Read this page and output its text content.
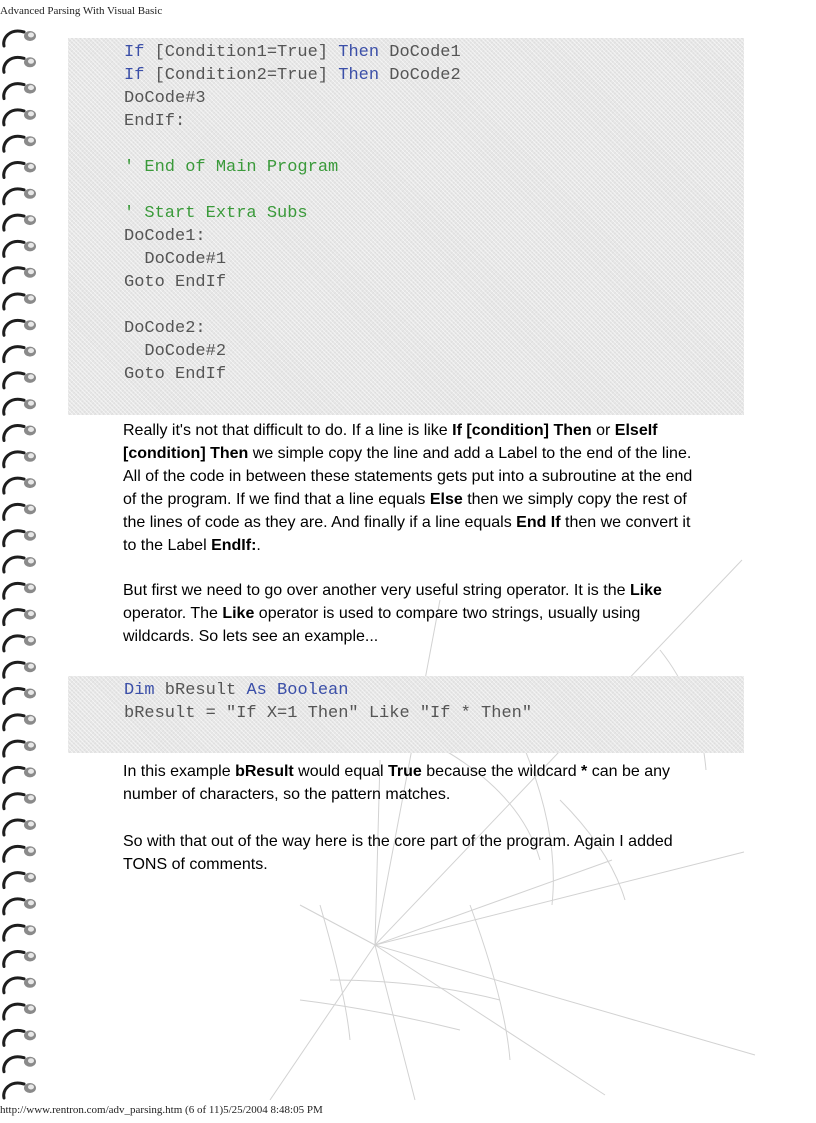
Advanced Parsing With Visual Basic
If [Condition1=True] Then DoCode1
If [Condition2=True] Then DoCode2
DoCode#3
EndIf:

' End of Main Program

' Start Extra Subs
DoCode1:
DoCode#1
Goto EndIf

DoCode2:
DoCode#2
Goto EndIf
Really it's not that difficult to do. If a line is like If [condition] Then or ElseIf [condition] Then we simple copy the line and add a Label to the end of the line. All of the code in between these statements gets put into a subroutine at the end of the program. If we find that a line equals Else then we simply copy the rest of the lines of code as they are. And finally if a line equals End If then we convert it to the Label EndIf:.
But first we need to go over another very useful string operator. It is the Like operator. The Like operator is used to compare two strings, usually using wildcards. So lets see an example...
Dim bResult As Boolean
bResult = "If X=1 Then" Like "If * Then"
In this example bResult would equal True because the wildcard * can be any number of characters, so the pattern matches.
So with that out of the way here is the core part of the program. Again I added TONS of comments.
http://www.rentron.com/adv_parsing.htm (6 of 11)5/25/2004 8:48:05 PM
